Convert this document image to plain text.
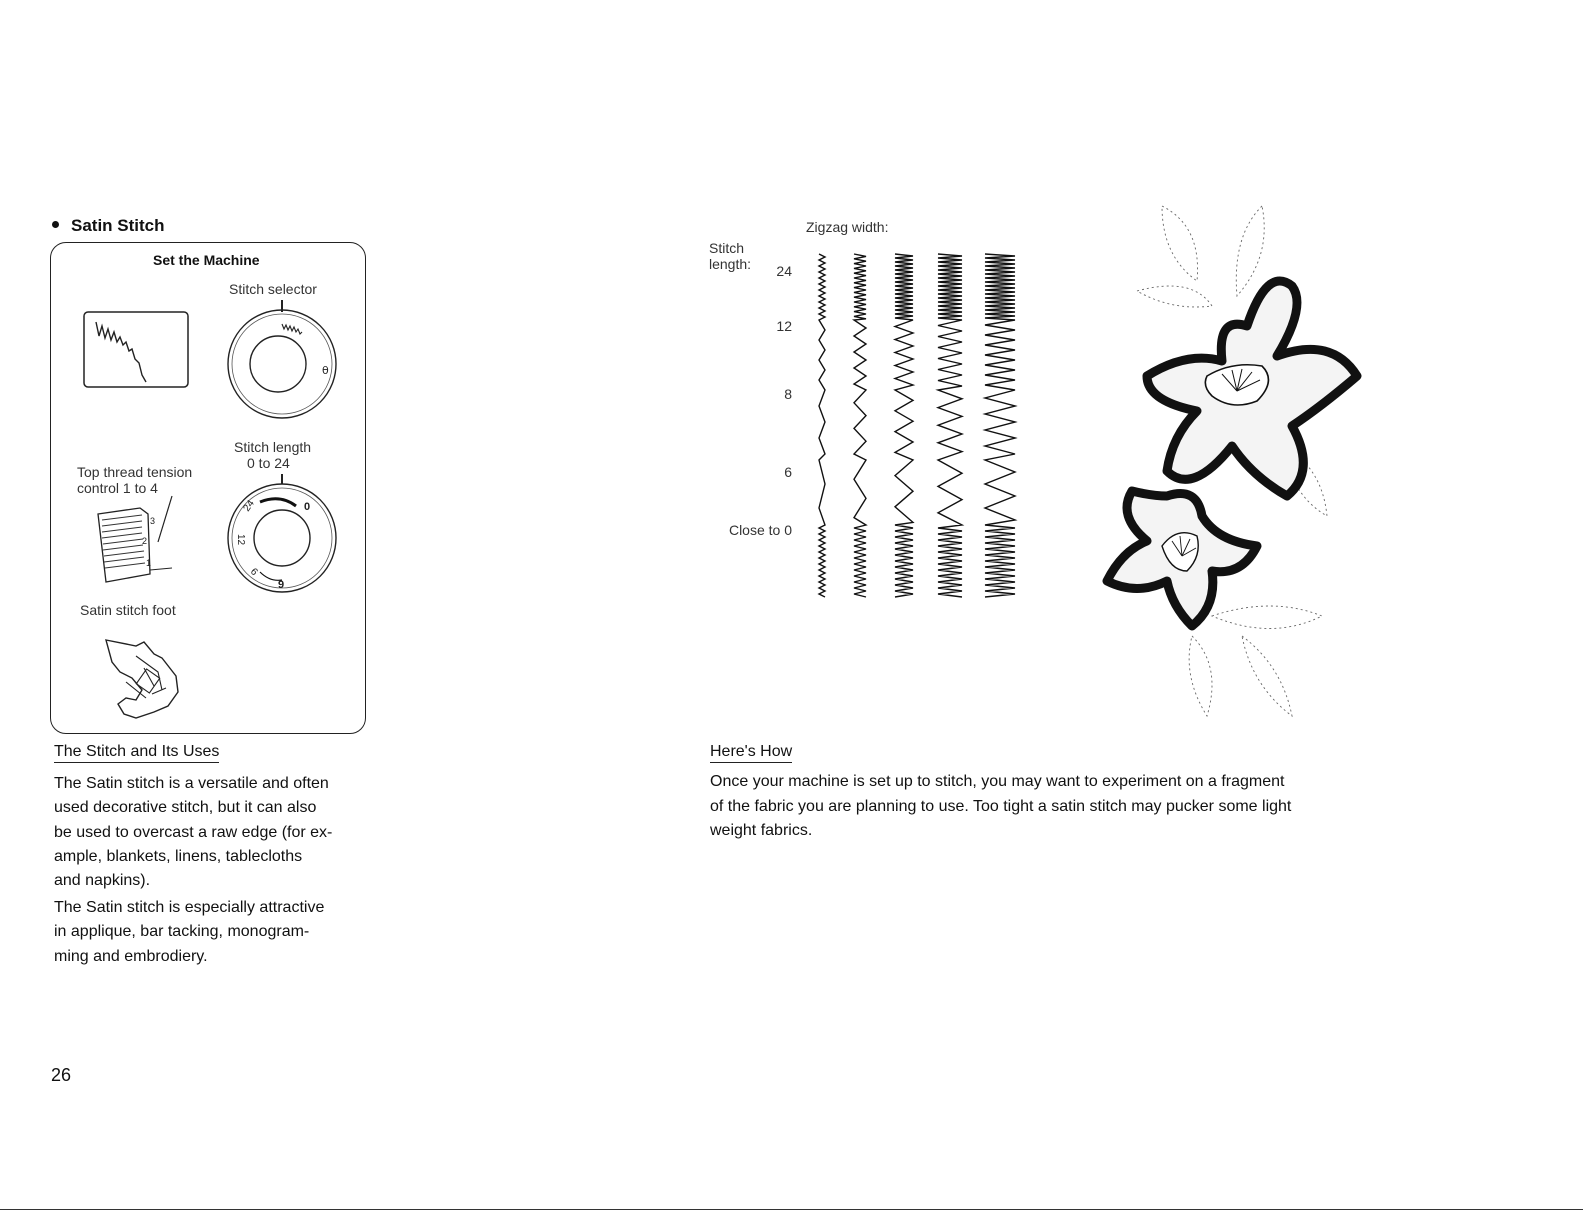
Satin Stitch
Set the Machine
Stitch selector
θ
Stitch length
0 to 24
Top thread tension
control 1 to 4
3
2
1
24	0
12
6
9
Satin stitch foot
The Stitch and Its Uses
The Satin stitch is a versatile and often
used decorative stitch, but it can also
be used to overcast a raw edge (for ex-
ample, blankets, linens, tablecloths
and napkins).
The Satin stitch is especially attractive
in applique, bar tacking, monogram-
ming and embrodiery.
26
Zigzag width:
Stitch
length:	24
12
8
6
Close to 0
Here's How
Once your machine is set up to stitch, you may want to experiment on a fragment
of the fabric you are planning to use. Too tight a satin stitch may pucker some light
weight fabrics.
